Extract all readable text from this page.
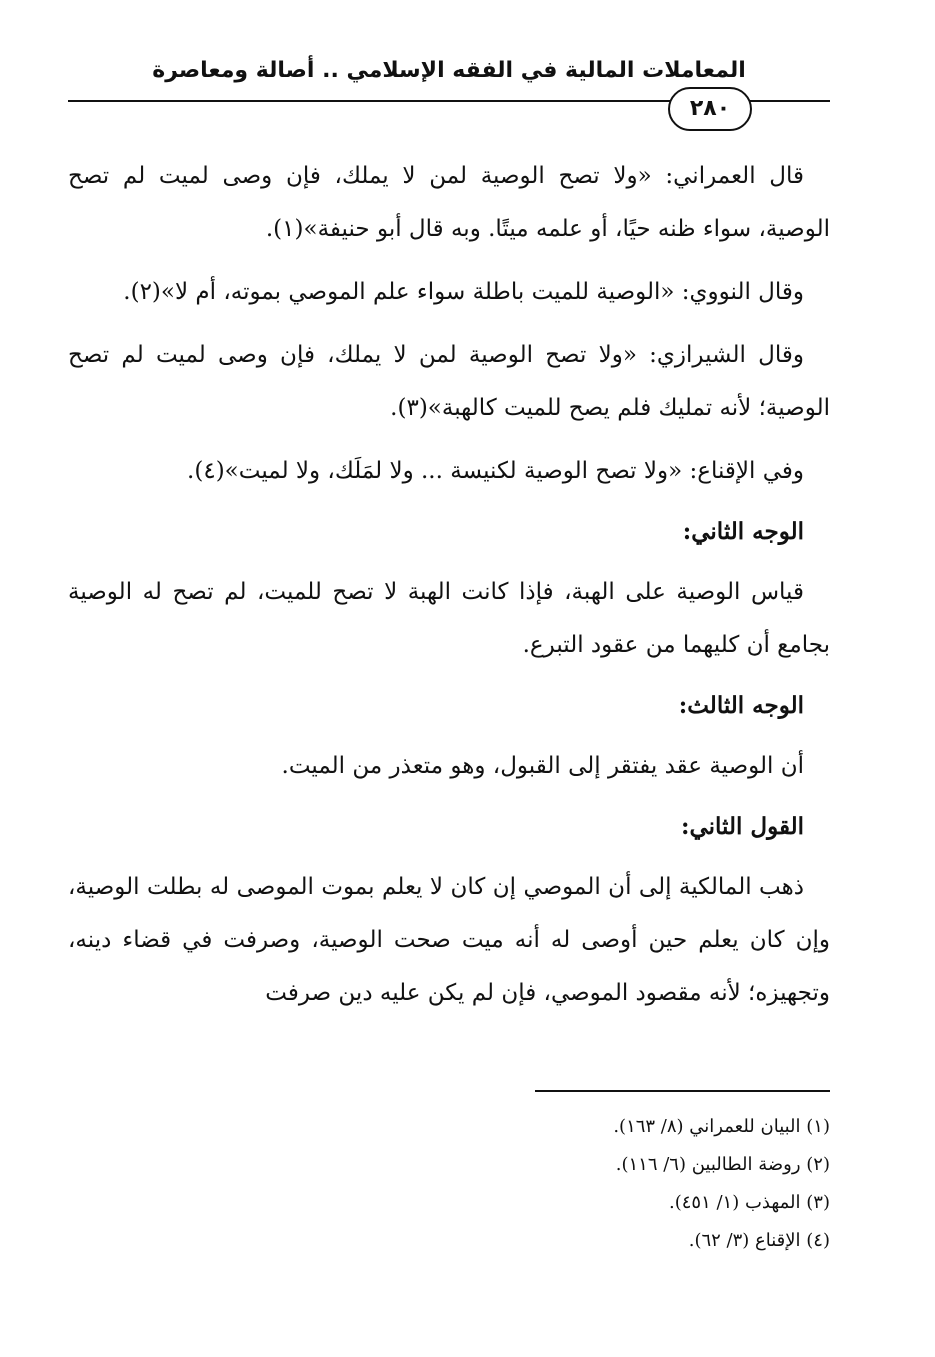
المعاملات المالية في الفقه الإسلامي .. أصالة ومعاصرة
٢٨٠

قال العمراني: «ولا تصح الوصية لمن لا يملك، فإن وصى لميت لم تصح الوصية، سواء ظنه حيًا، أو علمه ميتًا. وبه قال أبو حنيفة»(١).

وقال النووي: «الوصية للميت باطلة سواء علم الموصي بموته، أم لا»(٢).

وقال الشيرازي: «ولا تصح الوصية لمن لا يملك، فإن وصى لميت لم تصح الوصية؛ لأنه تمليك فلم يصح للميت كالهبة»(٣).

وفي الإقناع: «ولا تصح الوصية لكنيسة ... ولا لمَلَك، ولا لميت»(٤).

الوجه الثاني:

قياس الوصية على الهبة، فإذا كانت الهبة لا تصح للميت، لم تصح له الوصية بجامع أن كليهما من عقود التبرع.

الوجه الثالث:

أن الوصية عقد يفتقر إلى القبول، وهو متعذر من الميت.

القول الثاني:

ذهب المالكية إلى أن الموصي إن كان لا يعلم بموت الموصى له بطلت الوصية، وإن كان يعلم حين أوصى له أنه ميت صحت الوصية، وصرفت في قضاء دينه، وتجهيزه؛ لأنه مقصود الموصي، فإن لم يكن عليه دين صرفت

(١) البيان للعمراني (٨/ ١٦٣).
(٢) روضة الطالبين (٦/ ١١٦).
(٣) المهذب (١/ ٤٥١).
(٤) الإقناع (٣/ ٦٢).
